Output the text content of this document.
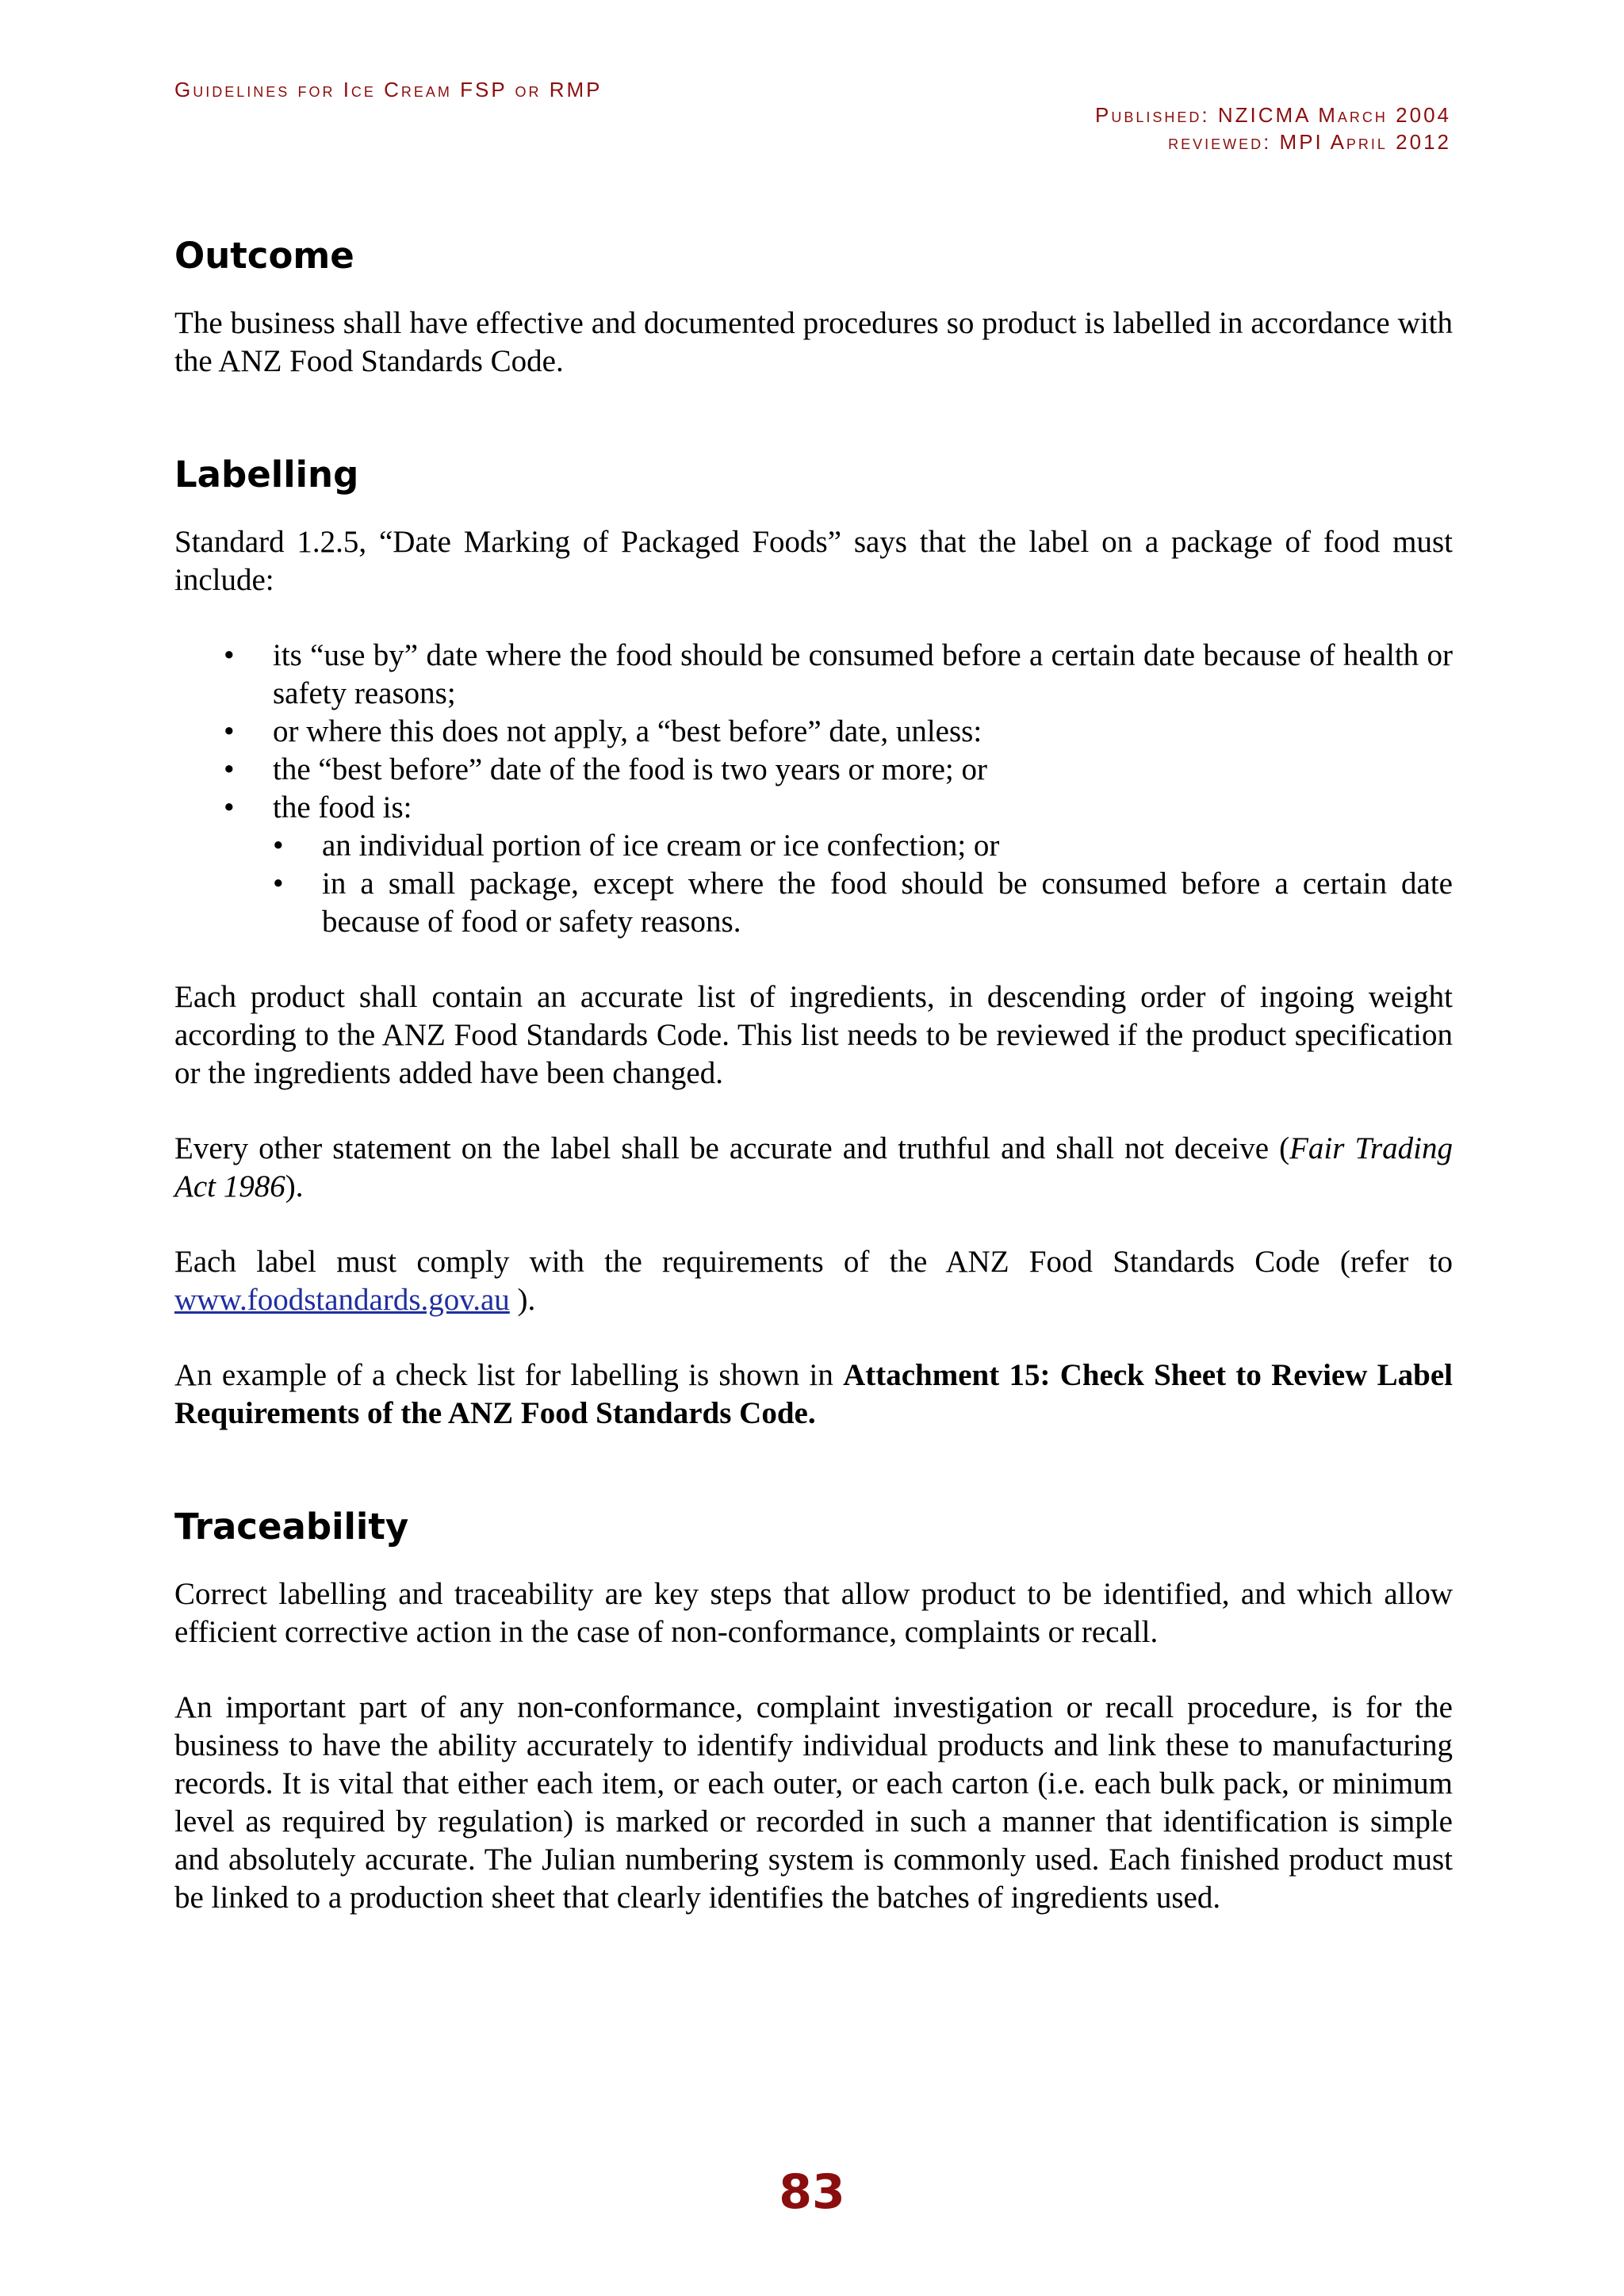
Guidelines for Ice Cream FSP or RMP
Published: NZICMA March 2004
reviewed: MPI April 2012
Outcome

The business shall have effective and documented procedures so product is labelled in accordance with the ANZ Food Standards Code.

Labelling

Standard 1.2.5, “Date Marking of Packaged Foods” says that the label on a package of food must include:

• its “use by” date where the food should be consumed before a certain date because of health or safety reasons;
• or where this does not apply, a “best before” date, unless:
• the “best before” date of the food is two years or more; or
• the food is:
• an individual portion of ice cream or ice confection; or
• in a small package, except where the food should be consumed before a certain date because of food or safety reasons.

Each product shall contain an accurate list of ingredients, in descending order of ingoing weight according to the ANZ Food Standards Code. This list needs to be reviewed if the product specification or the ingredients added have been changed.

Every other statement on the label shall be accurate and truthful and shall not deceive (Fair Trading Act 1986).

Each label must comply with the requirements of the ANZ Food Standards Code (refer to www.foodstandards.gov.au ).

An example of a check list for labelling is shown in Attachment 15: Check Sheet to Review Label Requirements of the ANZ Food Standards Code.

Traceability

Correct labelling and traceability are key steps that allow product to be identified, and which allow efficient corrective action in the case of non-conformance, complaints or recall.

An important part of any non-conformance, complaint investigation or recall procedure, is for the business to have the ability accurately to identify individual products and link these to manufacturing records. It is vital that either each item, or each outer, or each carton (i.e. each bulk pack, or minimum level as required by regulation) is marked or recorded in such a manner that identification is simple and absolutely accurate. The Julian numbering system is commonly used. Each finished product must be linked to a production sheet that clearly identifies the batches of ingredients used.

83
